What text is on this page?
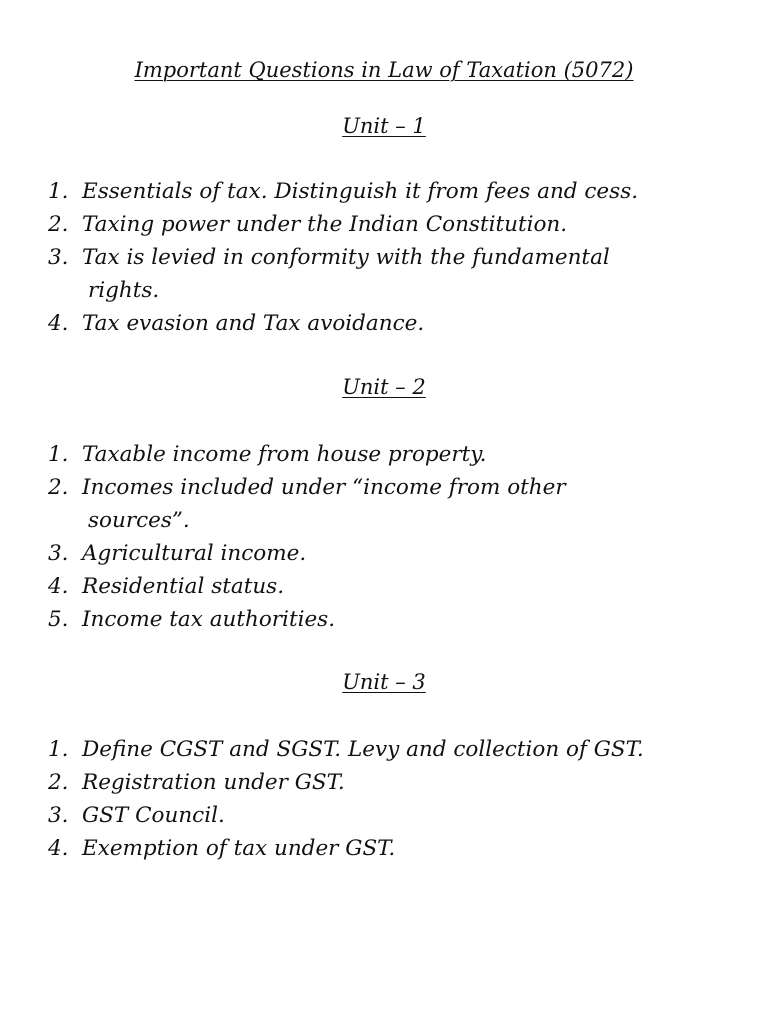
Important Questions in Law of Taxation (5072)
Unit – 1
1. Essentials of tax. Distinguish it from fees and cess.
2. Taxing power under the Indian Constitution.
3. Tax is levied in conformity with the fundamental
rights.
4. Tax evasion and Tax avoidance.
Unit – 2
1. Taxable income from house property.
2. Incomes included under “income from other
sources”.
3. Agricultural income.
4. Residential status.
5. Income tax authorities.
Unit – 3
1. Define CGST and SGST. Levy and collection of GST.
2. Registration under GST.
3. GST Council.
4. Exemption of tax under GST.
